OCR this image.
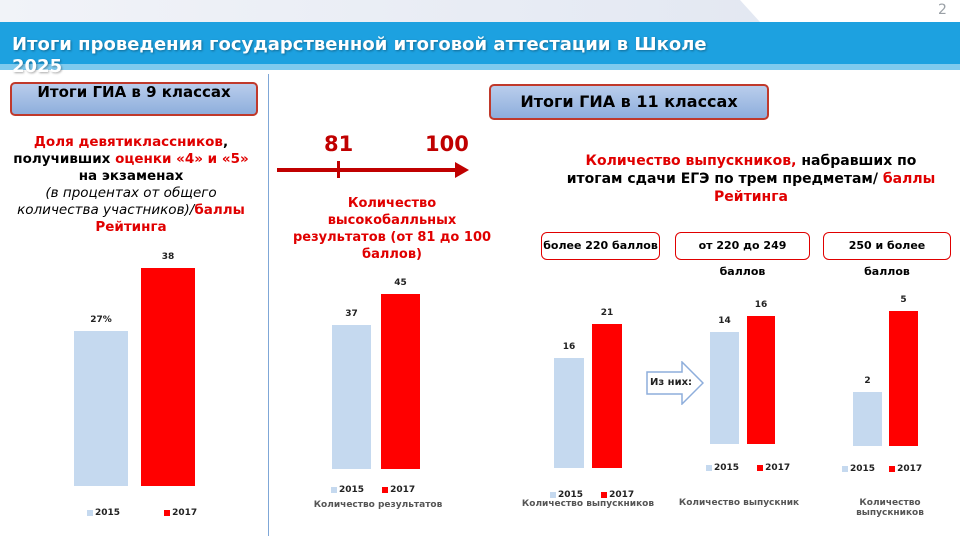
2
Итоги проведения государственной итоговой аттестации в Школе 2025
Итоги ГИА в 9 классах
Доля девятиклассников, получивших оценки «4» и «5» на экзаменах
(в процентах от общего количества участников)/баллы Рейтинга
81	100
Количество высокобалльных результатов (от 81 до 100 баллов)
Итоги ГИА в 11 классах
Количество выпускников, набравших по итогам сдачи ЕГЭ по трем предметам/ баллы Рейтинга
более 220 баллов	от 220 до 249 баллов
250 и более баллов
Из них:
27%
38
37
45
16
21
14
16
2
5
2015	2017
2015	2017	2015	2017
2015	2017	2015 2017
Количество результатов	Количество выпускников	Количество выпускник	Количество выпускников
